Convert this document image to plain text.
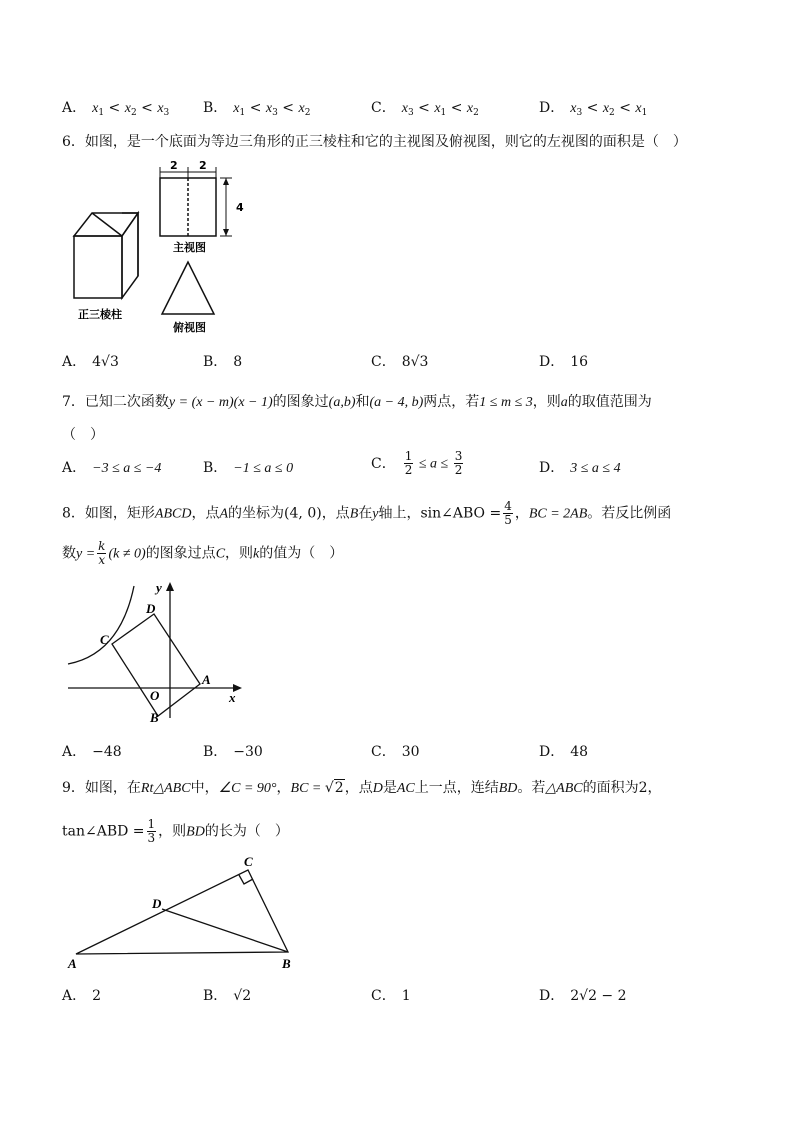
A． $x_1 < x_2 < x_3$ B． $x_1 < x_3 < x_2$	C． $x_3 < x_1 < x_2$	D． $x_3 < x_2 < x_1$
6．如图，是一个底面为等边三角形的正三棱柱和它的主视图及俯视图，则它的左视图的面积是（　）
正三棱柱
2 2
4
主视图
俯视图
A． 4√3	B． 8	C． 8√3	D． 16
7．已知二次函数y = (x − m)(x − 1)的图象过(a,b)和(a − 4, b)两点，若1 ≤ m ≤ 3，则a的取值范围为
（　）
A． −3 ≤ a ≤ −4	B． −1 ≤ a ≤ 0	C． $\frac{1}{2} \le a \le \frac{3}{2}$	D． 3 ≤ a ≤ 4
8．如图，矩形ABCD，点A的坐标为(4, 0)，点B在y轴上，sin∠ABO = $\frac{4}{5}$ ，BC = 2AB。若反比例函
数$y = \frac{k}{x} (k \ne 0)$的图象过点C，则k的值为（　）
D
C
A
O
B
x
y
A． −48	B． −30	C． 30	D． 48
9．如图，在Rt△ABC中，∠C = 90°，BC = √2，点D是AC上一点，连结BD。若△ABC的面积为2，
tan∠ABD = $\frac{1}{3}$ ，则BD的长为（　）
A	B
C
D
A． 2	B． √2	C． 1	D． 2√2 − 2
